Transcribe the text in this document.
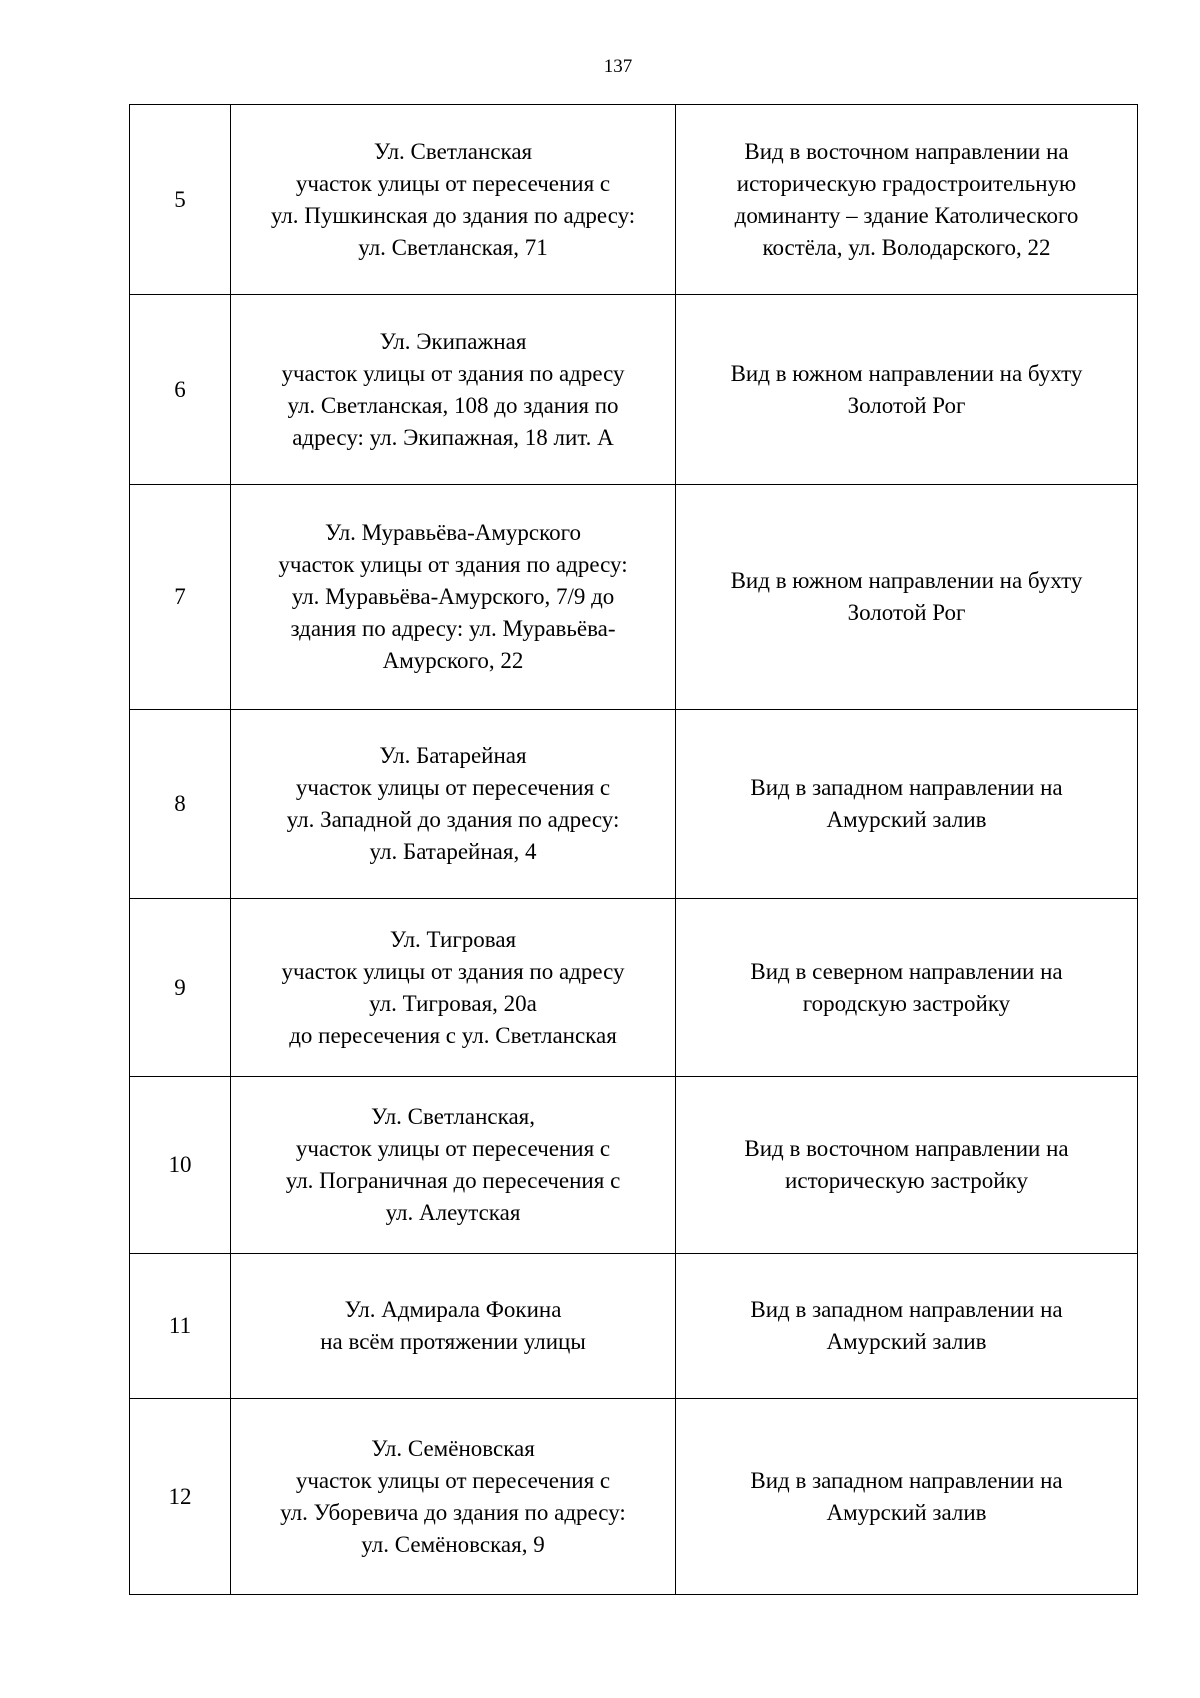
137
5	Ул. Светланская
участок улицы от пересечения с
ул. Пушкинская до здания по адресу:
ул. Светланская, 71	Вид в восточном направлении на
историческую градостроительную
доминанту – здание Католического
костёла, ул. Володарского, 22

6	Ул. Экипажная
участок улицы от здания по адресу
ул. Светланская, 108 до здания по
адресу: ул. Экипажная, 18 лит. А	Вид в южном направлении на бухту
Золотой Рог

7	Ул. Муравьёва-Амурского
участок улицы от здания по адресу:
ул. Муравьёва-Амурского, 7/9 до
здания по адресу: ул. Муравьёва-
Амурского, 22	Вид в южном направлении на бухту
Золотой Рог

8	Ул. Батарейная
участок улицы от пересечения с
ул. Западной до здания по адресу:
ул. Батарейная, 4	Вид в западном направлении на
Амурский залив

9	Ул. Тигровая
участок улицы от здания по адресу
ул. Тигровая, 20а
до пересечения с ул. Светланская	Вид в северном направлении на
городскую застройку

10	Ул. Светланская,
участок улицы от пересечения с
ул. Пограничная до пересечения с
ул. Алеутская	Вид в восточном направлении на
историческую застройку

11	Ул. Адмирала Фокина
на всём протяжении улицы	Вид в западном направлении на
Амурский залив

12	Ул. Семёновская
участок улицы от пересечения с
ул. Уборевича до здания по адресу:
ул. Семёновская, 9	Вид в западном направлении на
Амурский залив
